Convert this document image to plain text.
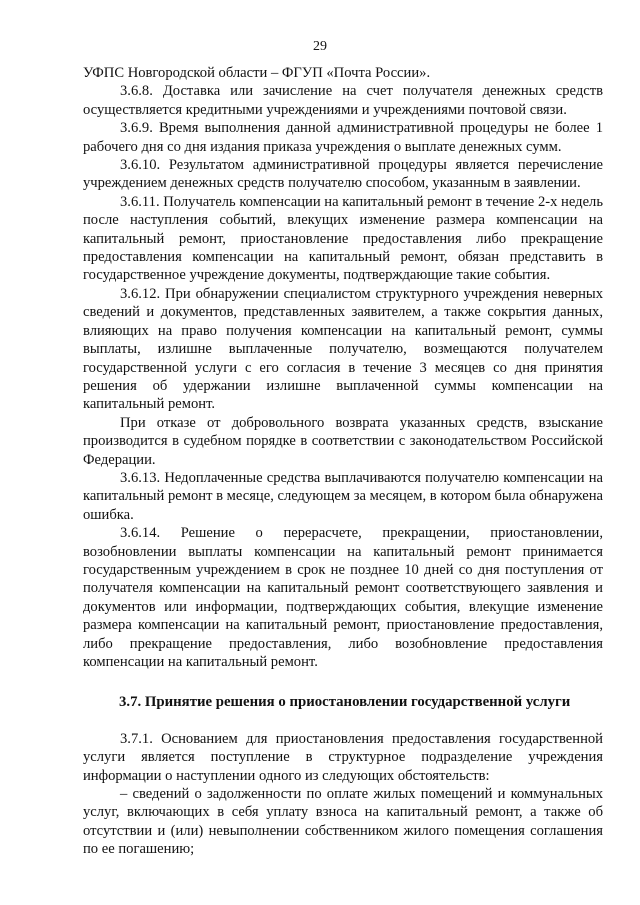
29

УФПС Новгородской области – ФГУП «Почта России».

3.6.8. Доставка или зачисление на счет получателя денежных средств осуществляется кредитными учреждениями и учреждениями почтовой связи.

3.6.9. Время выполнения данной административной процедуры не более 1 рабочего дня со дня издания приказа учреждения о выплате денежных сумм.

3.6.10. Результатом административной процедуры является перечисление учреждением денежных средств получателю способом, указанным в заявлении.

3.6.11. Получатель компенсации на капитальный ремонт в течение 2-х недель после наступления событий, влекущих изменение размера компенсации на капитальный ремонт, приостановление предоставления либо прекращение предоставления компенсации на капитальный ремонт, обязан представить в государственное учреждение документы, подтверждающие такие события.

3.6.12. При обнаружении специалистом структурного учреждения неверных сведений и документов, представленных заявителем, а также сокрытия данных, влияющих на право получения компенсации на капитальный ремонт, суммы выплаты, излишне выплаченные получателю, возмещаются получателем государственной услуги с его согласия в течение 3 месяцев со дня принятия решения об удержании излишне выплаченной суммы компенсации на капитальный ремонт.

При отказе от добровольного возврата указанных средств, взыскание производится в судебном порядке в соответствии с законодательством Российской Федерации.

3.6.13. Недоплаченные средства выплачиваются получателю компенсации на капитальный ремонт в месяце, следующем за месяцем, в котором была обнаружена ошибка.

3.6.14. Решение о перерасчете, прекращении, приостановлении, возобновлении выплаты компенсации на капитальный ремонт принимается государственным учреждением в срок не позднее 10 дней со дня поступления от получателя компенсации на капитальный ремонт соответствующего заявления и документов или информации, подтверждающих события, влекущие изменение размера компенсации на капитальный ремонт, приостановление предоставления, либо прекращение предоставления, либо возобновление предоставления компенсации на капитальный ремонт.

3.7. Принятие решения о приостановлении государственной услуги

3.7.1. Основанием для приостановления предоставления государственной услуги является поступление в структурное подразделение учреждения информации о наступлении одного из следующих обстоятельств:

– сведений о задолженности по оплате жилых помещений и коммунальных услуг, включающих в себя уплату взноса на капитальный ремонт, а также об отсутствии и (или) невыполнении собственником жилого помещения соглашения по ее погашению;
